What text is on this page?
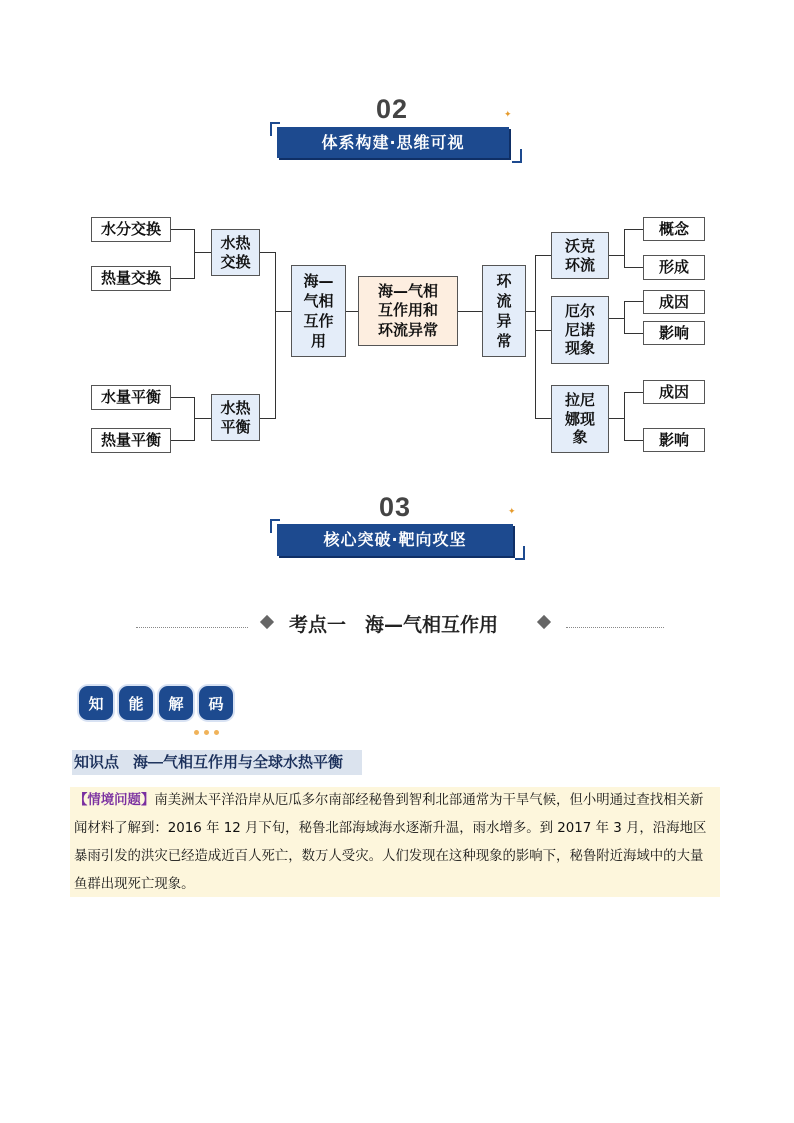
02	✦
体系构建·思维可视
水分交换
热量交换
水量平衡
热量平衡
水热
交换
水热
平衡
海—
气相
互作
用
海—气相
互作用和
环流异常
环
流
异
常
沃克
环流
厄尔
尼诺
现象
拉尼
娜现
象
概念
形成
成因
影响
成因
影响
03	✦
核心突破·靶向攻坚
考点一　海—气相互作用
知	能	解	码
知识点 海—气相互作用与全球水热平衡
【情境问题】南美洲太平洋沿岸从厄瓜多尔南部经秘鲁到智利北部通常为干旱气候，但小明通过查找相关新闻材料了解到：2016 年 12 月下旬，秘鲁北部海域海水逐渐升温，雨水增多。到 2017 年 3 月，沿海地区暴雨引发的洪灾已经造成近百人死亡，数万人受灾。人们发现在这种现象的影响下，秘鲁附近海域中的大量鱼群出现死亡现象。
